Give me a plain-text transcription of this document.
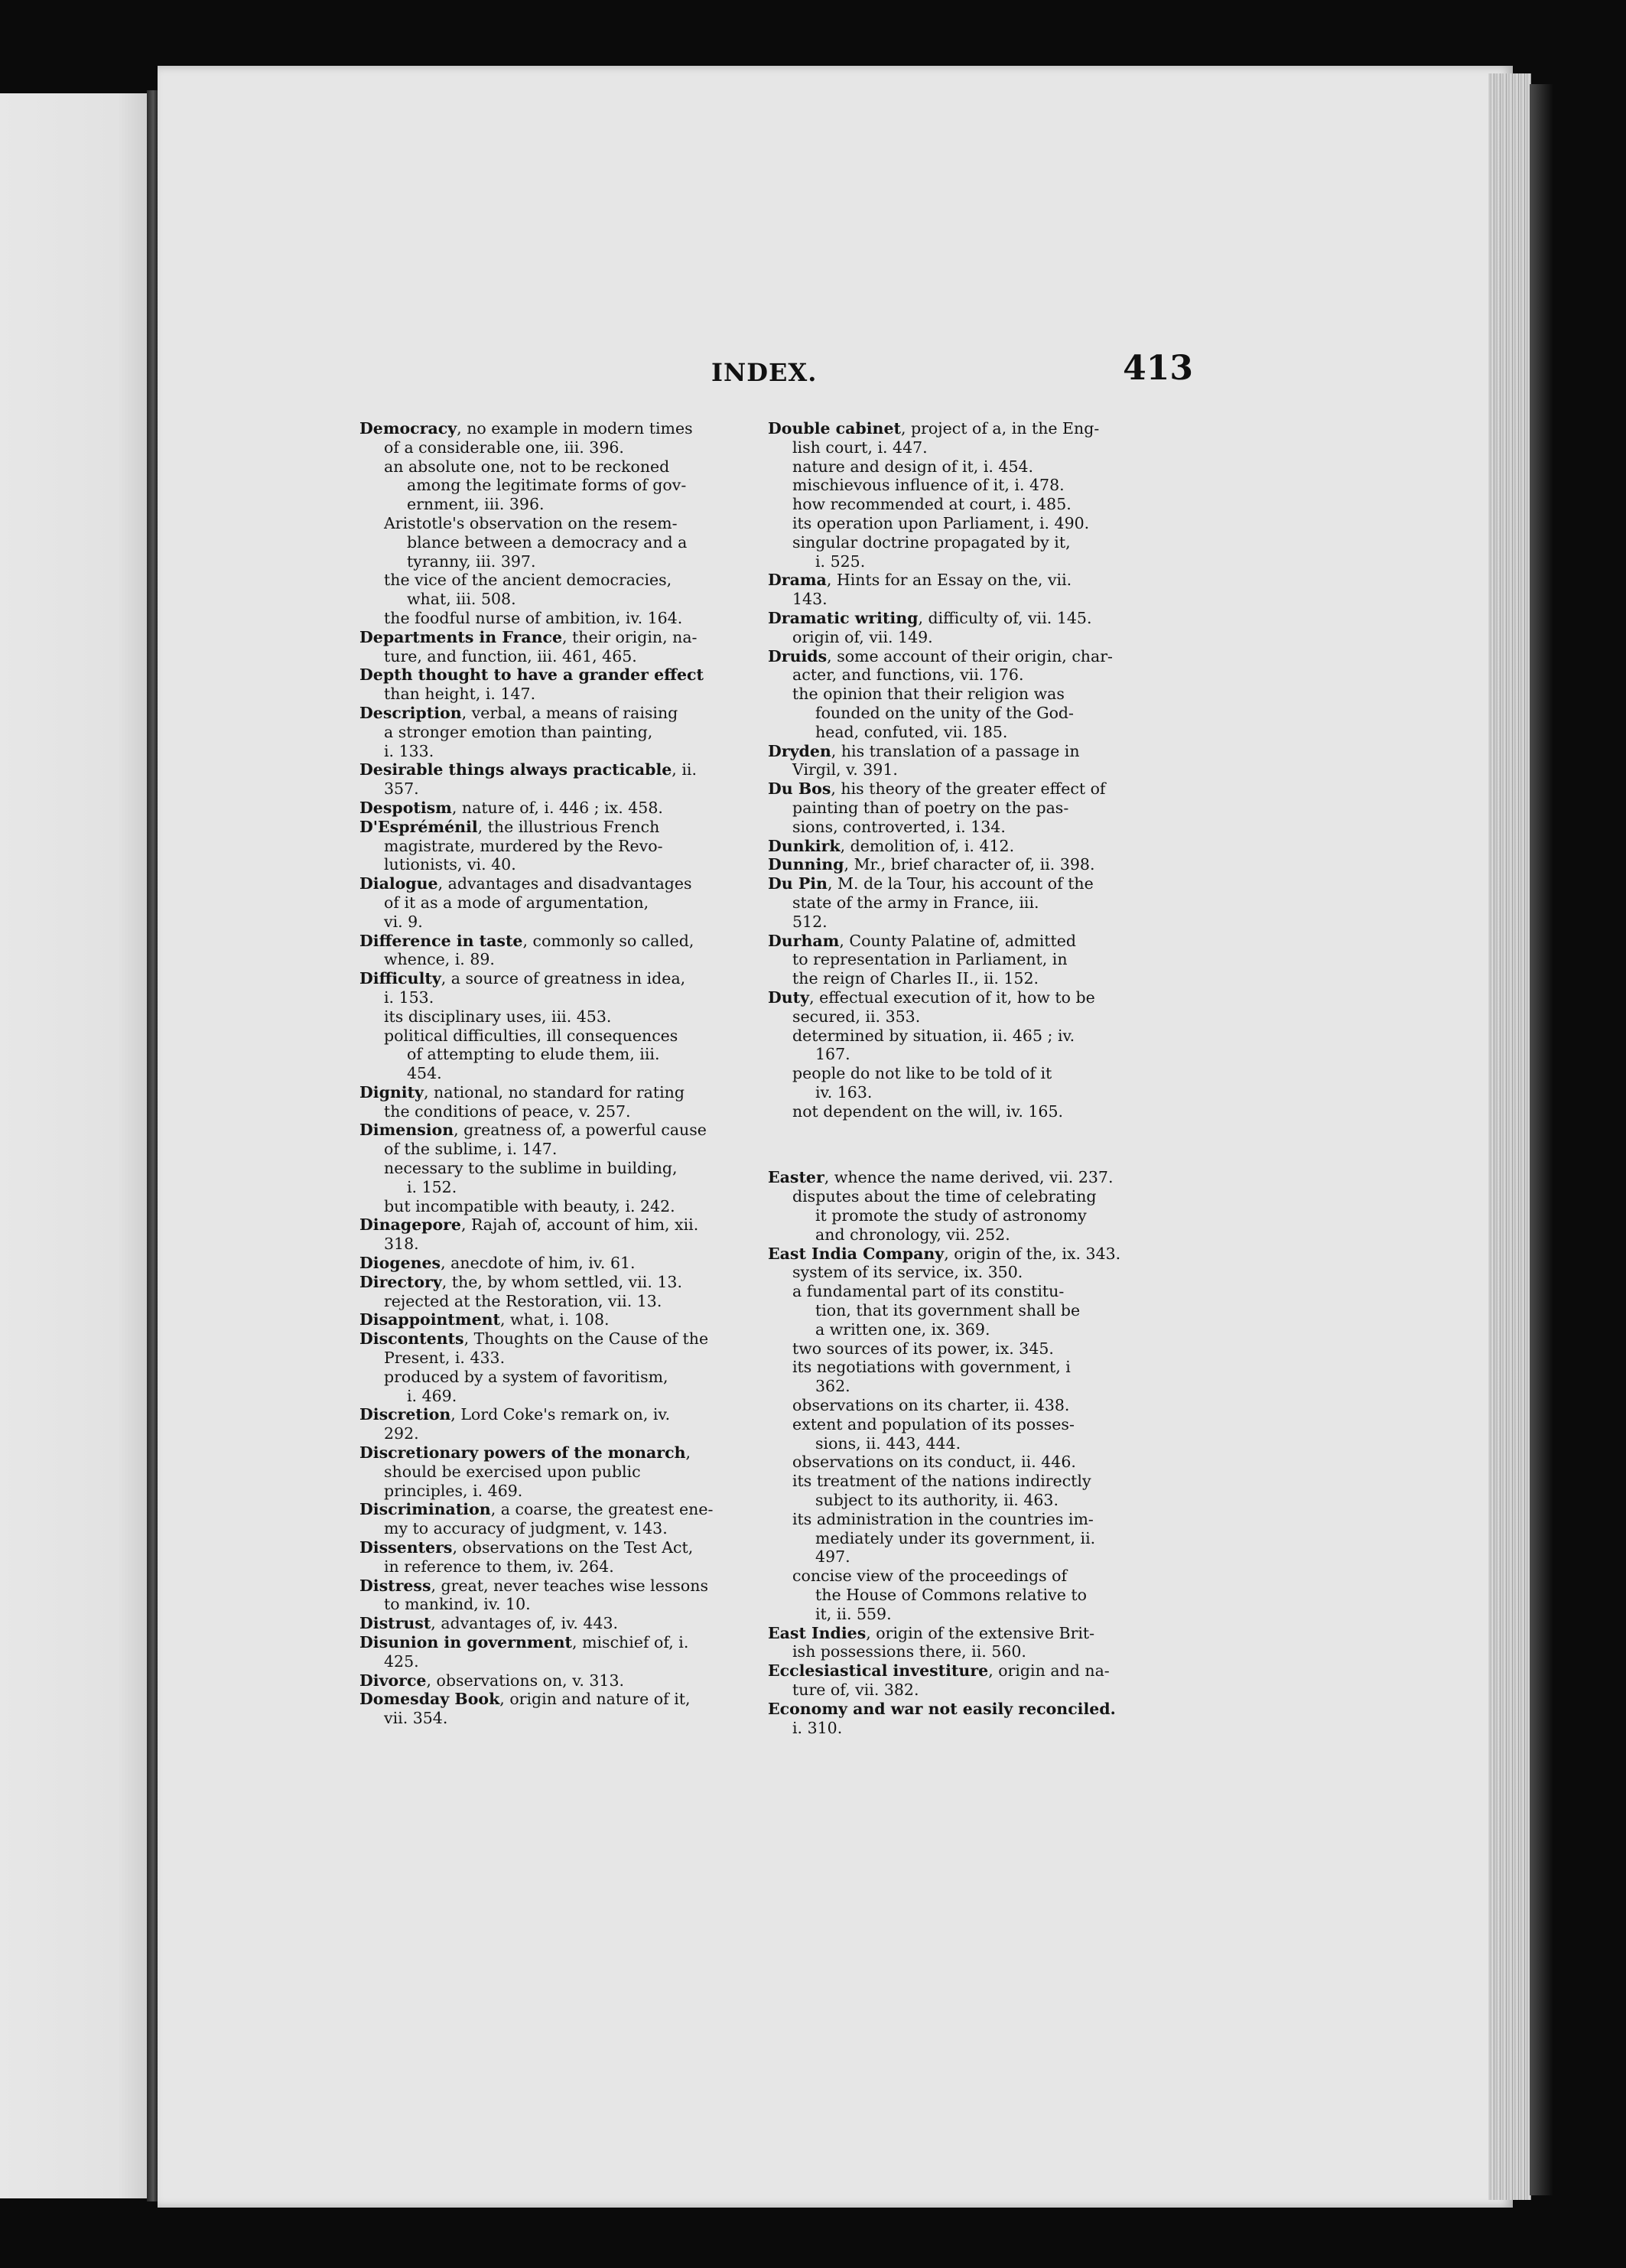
INDEX.	413
Democracy, no example in modern times
of a considerable one, iii. 396.
an absolute one, not to be reckoned
among the legitimate forms of gov-
ernment, iii. 396.
Aristotle's observation on the resem-
blance between a democracy and a
tyranny, iii. 397.
the vice of the ancient democracies,
what, iii. 508.
the foodful nurse of ambition, iv. 164.
Departments in France, their origin, na-
ture, and function, iii. 461, 465.
Depth thought to have a grander effect
than height, i. 147.
Description, verbal, a means of raising
a stronger emotion than painting,
i. 133.
Desirable things always practicable, ii.
357.
Despotism, nature of, i. 446 ; ix. 458.
D'Espréménil, the illustrious French
magistrate, murdered by the Revo-
lutionists, vi. 40.
Dialogue, advantages and disadvantages
of it as a mode of argumentation,
vi. 9.
Difference in taste, commonly so called,
whence, i. 89.
Difficulty, a source of greatness in idea,
i. 153.
its disciplinary uses, iii. 453.
political difficulties, ill consequences
of attempting to elude them, iii.
454.
Dignity, national, no standard for rating
the conditions of peace, v. 257.
Dimension, greatness of, a powerful cause
of the sublime, i. 147.
necessary to the sublime in building,
i. 152.
but incompatible with beauty, i. 242.
Dinagepore, Rajah of, account of him, xii.
318.
Diogenes, anecdote of him, iv. 61.
Directory, the, by whom settled, vii. 13.
rejected at the Restoration, vii. 13.
Disappointment, what, i. 108.
Discontents, Thoughts on the Cause of the
Present, i. 433.
produced by a system of favoritism,
i. 469.
Discretion, Lord Coke's remark on, iv.
292.
Discretionary powers of the monarch,
should be exercised upon public
principles, i. 469.
Discrimination, a coarse, the greatest ene-
my to accuracy of judgment, v. 143.
Dissenters, observations on the Test Act,
in reference to them, iv. 264.
Distress, great, never teaches wise lessons
to mankind, iv. 10.
Distrust, advantages of, iv. 443.
Disunion in government, mischief of, i.
425.
Divorce, observations on, v. 313.
Domesday Book, origin and nature of it,
vii. 354.
Double cabinet, project of a, in the Eng-
lish court, i. 447.
nature and design of it, i. 454.
mischievous influence of it, i. 478.
how recommended at court, i. 485.
its operation upon Parliament, i. 490.
singular doctrine propagated by it,
i. 525.
Drama, Hints for an Essay on the, vii.
143.
Dramatic writing, difficulty of, vii. 145.
origin of, vii. 149.
Druids, some account of their origin, char-
acter, and functions, vii. 176.
the opinion that their religion was
founded on the unity of the God-
head, confuted, vii. 185.
Dryden, his translation of a passage in
Virgil, v. 391.
Du Bos, his theory of the greater effect of
painting than of poetry on the pas-
sions, controverted, i. 134.
Dunkirk, demolition of, i. 412.
Dunning, Mr., brief character of, ii. 398.
Du Pin, M. de la Tour, his account of the
state of the army in France, iii.
512.
Durham, County Palatine of, admitted
to representation in Parliament, in
the reign of Charles II., ii. 152.
Duty, effectual execution of it, how to be
secured, ii. 353.
determined by situation, ii. 465 ; iv.
167.
people do not like to be told of it
iv. 163.
not dependent on the will, iv. 165.
Easter, whence the name derived, vii. 237.
disputes about the time of celebrating
it promote the study of astronomy
and chronology, vii. 252.
East India Company, origin of the, ix. 343.
system of its service, ix. 350.
a fundamental part of its constitu-
tion, that its government shall be
a written one, ix. 369.
two sources of its power, ix. 345.
its negotiations with government, i
362.
observations on its charter, ii. 438.
extent and population of its posses-
sions, ii. 443, 444.
observations on its conduct, ii. 446.
its treatment of the nations indirectly
subject to its authority, ii. 463.
its administration in the countries im-
mediately under its government, ii.
497.
concise view of the proceedings of
the House of Commons relative to
it, ii. 559.
East Indies, origin of the extensive Brit-
ish possessions there, ii. 560.
Ecclesiastical investiture, origin and na-
ture of, vii. 382.
Economy and war not easily reconciled.
i. 310.
